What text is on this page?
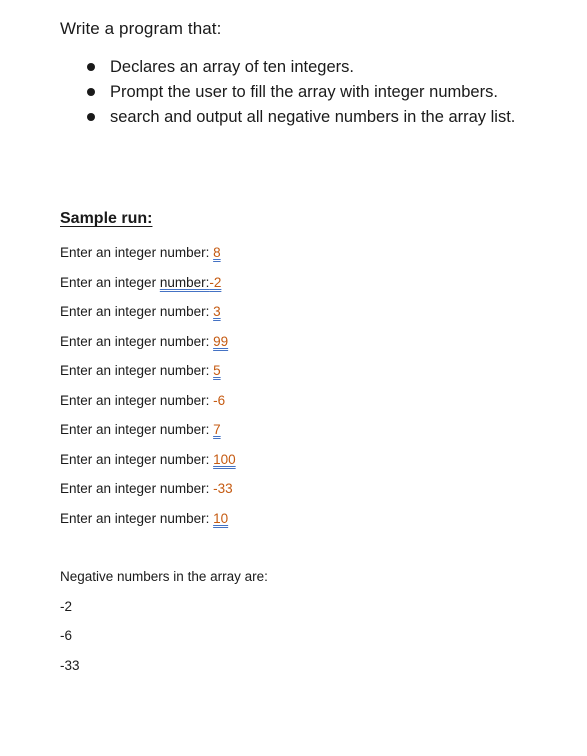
Write a program that:
Declares an array of ten integers.
Prompt the user to fill the array with integer numbers.
search and output all negative numbers in the array list.
Sample run:
Enter an integer number: 8
Enter an integer number:-2
Enter an integer number: 3
Enter an integer number: 99
Enter an integer number: 5
Enter an integer number: -6
Enter an integer number: 7
Enter an integer number: 100
Enter an integer number: -33
Enter an integer number: 10
Negative numbers in the array are:
-2
-6
-33
